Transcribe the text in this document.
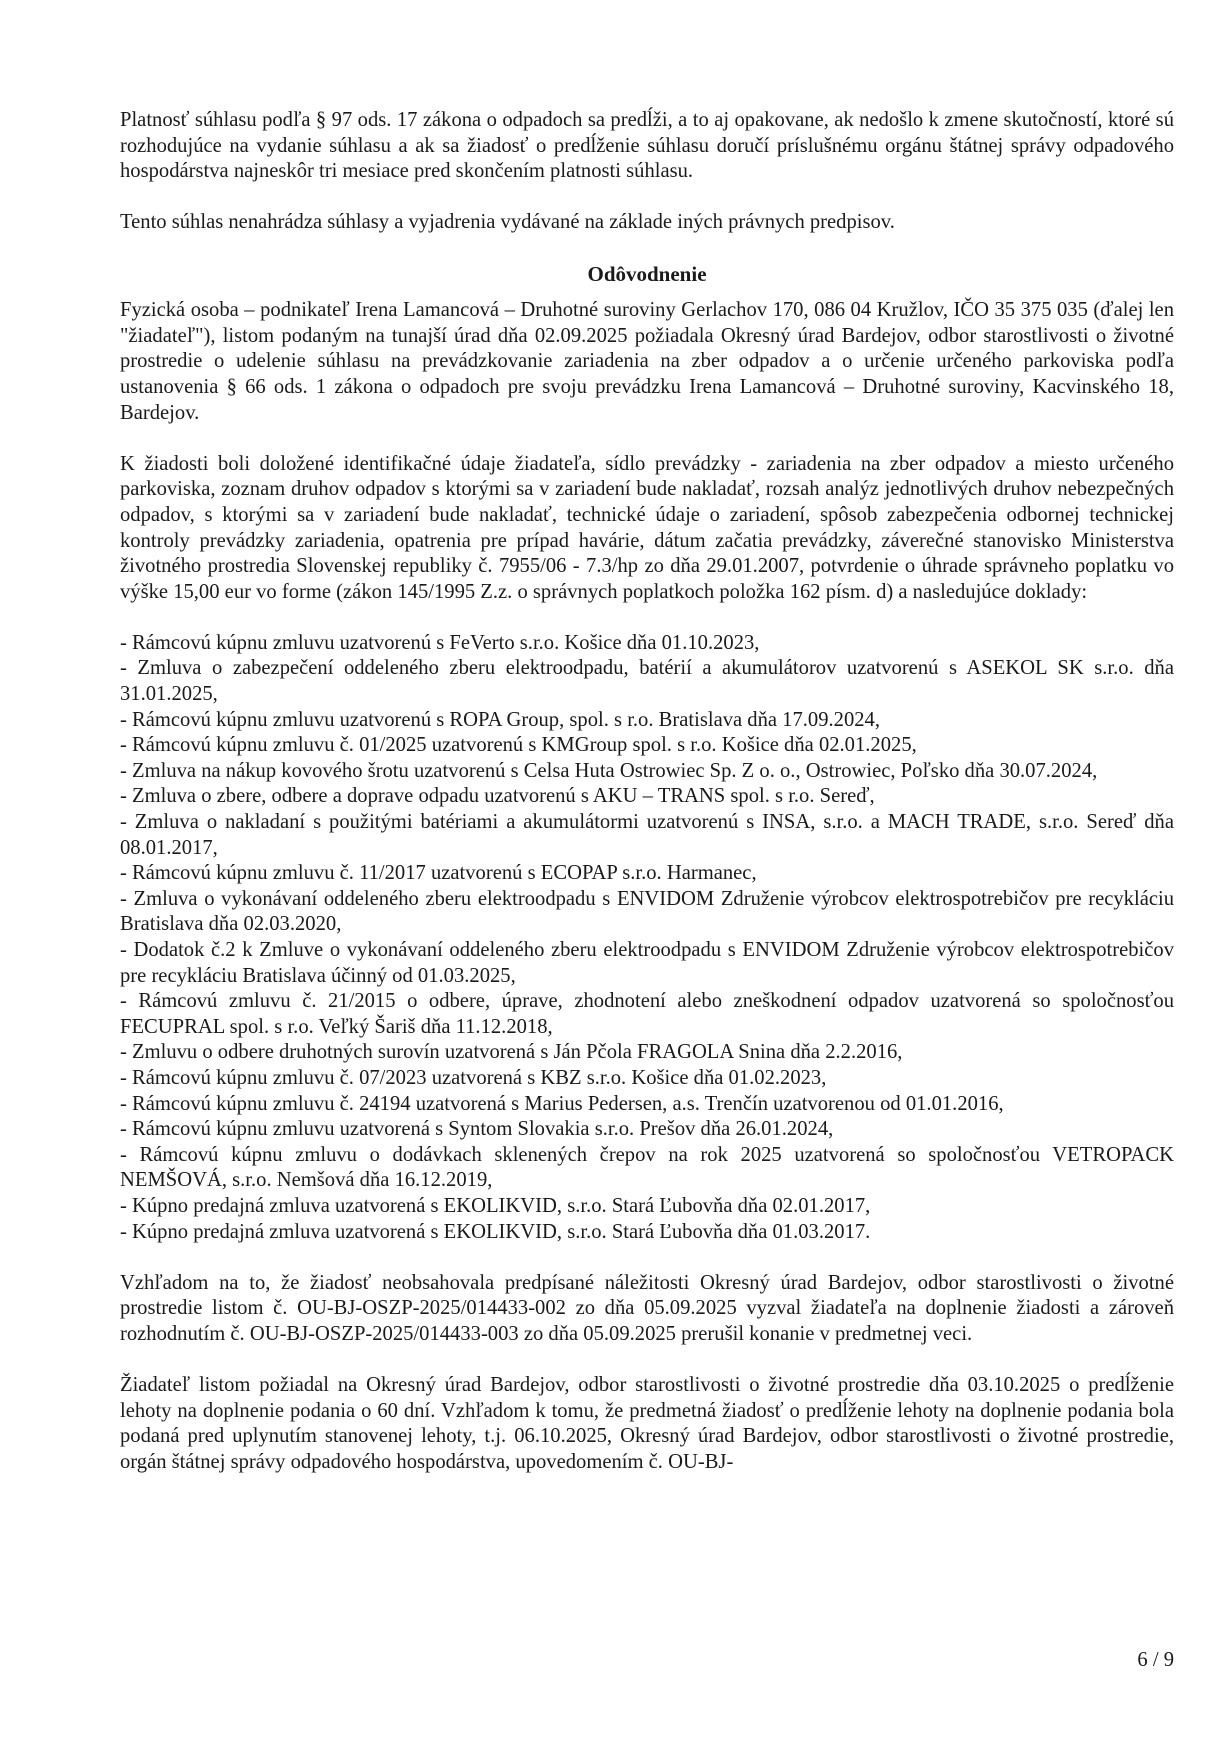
Platnosť súhlasu podľa § 97 ods. 17 zákona o odpadoch sa predĺži, a to aj opakovane, ak nedošlo k zmene skutočností, ktoré sú rozhodujúce na vydanie súhlasu a ak sa žiadosť o predĺženie súhlasu doručí príslušnému orgánu štátnej správy odpadového hospodárstva najneskôr tri mesiace pred skončením platnosti súhlasu.

Tento súhlas nenahrádza súhlasy a vyjadrenia vydávané na základe iných právnych predpisov.

Odôvodnenie

Fyzická osoba – podnikateľ Irena Lamancová – Druhotné suroviny Gerlachov 170, 086 04 Kružlov, IČO 35 375 035 (ďalej len "žiadateľ"), listom podaným na tunajší úrad dňa 02.09.2025 požiadala Okresný úrad Bardejov, odbor starostlivosti o životné prostredie o udelenie súhlasu na prevádzkovanie zariadenia na zber odpadov a o určenie určeného parkoviska podľa ustanovenia § 66 ods. 1 zákona o odpadoch pre svoju prevádzku Irena Lamancová – Druhotné suroviny, Kacvinského 18, Bardejov.

K žiadosti boli doložené identifikačné údaje žiadateľa, sídlo prevádzky - zariadenia na zber odpadov a miesto určeného parkoviska, zoznam druhov odpadov s ktorými sa v zariadení bude nakladať, rozsah analýz jednotlivých druhov nebezpečných odpadov, s ktorými sa v zariadení bude nakladať, technické údaje o zariadení, spôsob zabezpečenia odbornej technickej kontroly prevádzky zariadenia, opatrenia pre prípad havárie, dátum začatia prevádzky, záverečné stanovisko Ministerstva životného prostredia Slovenskej republiky č. 7955/06 - 7.3/hp zo dňa 29.01.2007, potvrdenie o úhrade správneho poplatku vo výške 15,00 eur vo forme (zákon 145/1995 Z.z. o správnych poplatkoch položka 162 písm. d) a nasledujúce doklady:

- Rámcovú kúpnu zmluvu uzatvorenú s FeVerto s.r.o. Košice dňa 01.10.2023,

- Zmluva o zabezpečení oddeleného zberu elektroodpadu, batérií a akumulátorov uzatvorenú s ASEKOL SK s.r.o. dňa 31.01.2025,

- Rámcovú kúpnu zmluvu uzatvorenú s ROPA Group, spol. s r.o. Bratislava dňa 17.09.2024,

- Rámcovú kúpnu zmluvu č. 01/2025 uzatvorenú s KMGroup spol. s r.o. Košice dňa 02.01.2025,

- Zmluva na nákup kovového šrotu uzatvorenú s Celsa Huta Ostrowiec Sp. Z o. o., Ostrowiec, Poľsko dňa 30.07.2024,

- Zmluva o zbere, odbere a doprave odpadu uzatvorenú s AKU – TRANS spol. s r.o. Sereď,

- Zmluva o nakladaní s použitými batériami a akumulátormi uzatvorenú s INSA, s.r.o. a MACH TRADE, s.r.o. Sereď dňa 08.01.2017,

- Rámcovú kúpnu zmluvu č. 11/2017 uzatvorenú s ECOPAP s.r.o. Harmanec,

- Zmluva o vykonávaní oddeleného zberu elektroodpadu s ENVIDOM Združenie výrobcov elektrospotrebičov pre recykláciu Bratislava dňa 02.03.2020,

- Dodatok č.2 k Zmluve o vykonávaní oddeleného zberu elektroodpadu s ENVIDOM Združenie výrobcov elektrospotrebičov pre recykláciu Bratislava účinný od 01.03.2025,

- Rámcovú zmluvu č. 21/2015 o odbere, úprave, zhodnotení alebo zneškodnení odpadov uzatvorená so spoločnosťou FECUPRAL spol. s r.o. Veľký Šariš dňa 11.12.2018,

- Zmluvu o odbere druhotných surovín uzatvorená s Ján Pčola FRAGOLA Snina dňa 2.2.2016,

- Rámcovú kúpnu zmluvu č. 07/2023 uzatvorená s KBZ s.r.o. Košice dňa 01.02.2023,

- Rámcovú kúpnu zmluvu č. 24194 uzatvorená s Marius Pedersen, a.s. Trenčín uzatvorenou od 01.01.2016,

- Rámcovú kúpnu zmluvu uzatvorená s Syntom Slovakia s.r.o. Prešov dňa 26.01.2024,

- Rámcovú kúpnu zmluvu o dodávkach sklenených črepov na rok 2025 uzatvorená so spoločnosťou VETROPACK NEMŠOVÁ, s.r.o. Nemšová dňa 16.12.2019,

- Kúpno predajná zmluva uzatvorená s EKOLIKVID, s.r.o. Stará Ľubovňa dňa 02.01.2017,

- Kúpno predajná zmluva uzatvorená s EKOLIKVID, s.r.o. Stará Ľubovňa dňa 01.03.2017.

Vzhľadom na to, že žiadosť neobsahovala predpísané náležitosti Okresný úrad Bardejov, odbor starostlivosti o životné prostredie listom č. OU-BJ-OSZP-2025/014433-002 zo dňa 05.09.2025 vyzval žiadateľa na doplnenie žiadosti a zároveň rozhodnutím č. OU-BJ-OSZP-2025/014433-003 zo dňa 05.09.2025 prerušil konanie v predmetnej veci.

Žiadateľ listom požiadal na Okresný úrad Bardejov, odbor starostlivosti o životné prostredie dňa 03.10.2025 o predĺženie lehoty na doplnenie podania o 60 dní. Vzhľadom k tomu, že predmetná žiadosť o predĺženie lehoty na doplnenie podania bola podaná pred uplynutím stanovenej lehoty, t.j. 06.10.2025, Okresný úrad Bardejov, odbor starostlivosti o životné prostredie, orgán štátnej správy odpadového hospodárstva, upovedomením č. OU-BJ-

6 / 9
